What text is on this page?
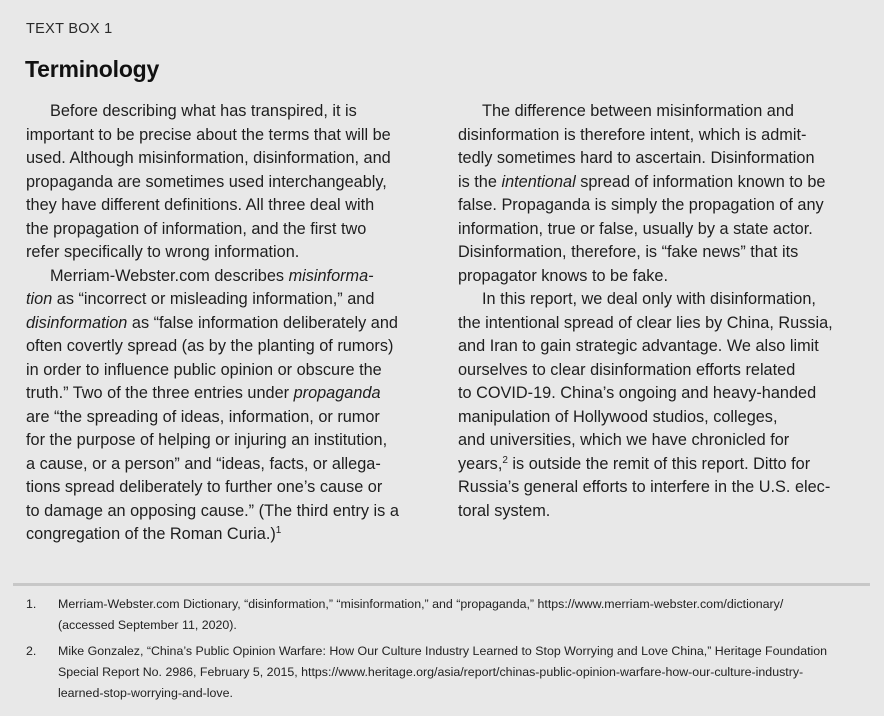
TEXT BOX 1
Terminology
Before describing what has transpired, it is
important to be precise about the terms that will be
used. Although misinformation, disinformation, and
propaganda are sometimes used interchangeably,
they have different definitions. All three deal with
the propagation of information, and the first two
refer specifically to wrong information.
Merriam-Webster.com describes misinforma-
tion as “incorrect or misleading information,” and
disinformation as “false information deliberately and
often covertly spread (as by the planting of rumors)
in order to influence public opinion or obscure the
truth.” Two of the three entries under propaganda
are “the spreading of ideas, information, or rumor
for the purpose of helping or injuring an institution,
a cause, or a person” and “ideas, facts, or allega-
tions spread deliberately to further one’s cause or
to damage an opposing cause.” (The third entry is a
congregation of the Roman Curia.)$^1$
The difference between misinformation and
disinformation is therefore intent, which is admit-
tedly sometimes hard to ascertain. Disinformation
is the intentional spread of information known to be
false. Propaganda is simply the propagation of any
information, true or false, usually by a state actor.
Disinformation, therefore, is “fake news” that its
propagator knows to be fake.
In this report, we deal only with disinformation,
the intentional spread of clear lies by China, Russia,
and Iran to gain strategic advantage. We also limit
ourselves to clear disinformation efforts related
to COVID-19. China’s ongoing and heavy-handed
manipulation of Hollywood studios, colleges,
and universities, which we have chronicled for
years,$^2$ is outside the remit of this report. Ditto for
Russia’s general efforts to interfere in the U.S. elec-
toral system.
1.	Merriam-Webster.com Dictionary, “disinformation,” “misinformation,” and “propaganda,” https://www.merriam-webster.com/dictionary/
(accessed September 11, 2020).
2.	Mike Gonzalez, “China’s Public Opinion Warfare: How Our Culture Industry Learned to Stop Worrying and Love China,” Heritage Foundation
Special Report No. 2986, February 5, 2015, https://www.heritage.org/asia/report/chinas-public-opinion-warfare-how-our-culture-industry-
learned-stop-worrying-and-love.
